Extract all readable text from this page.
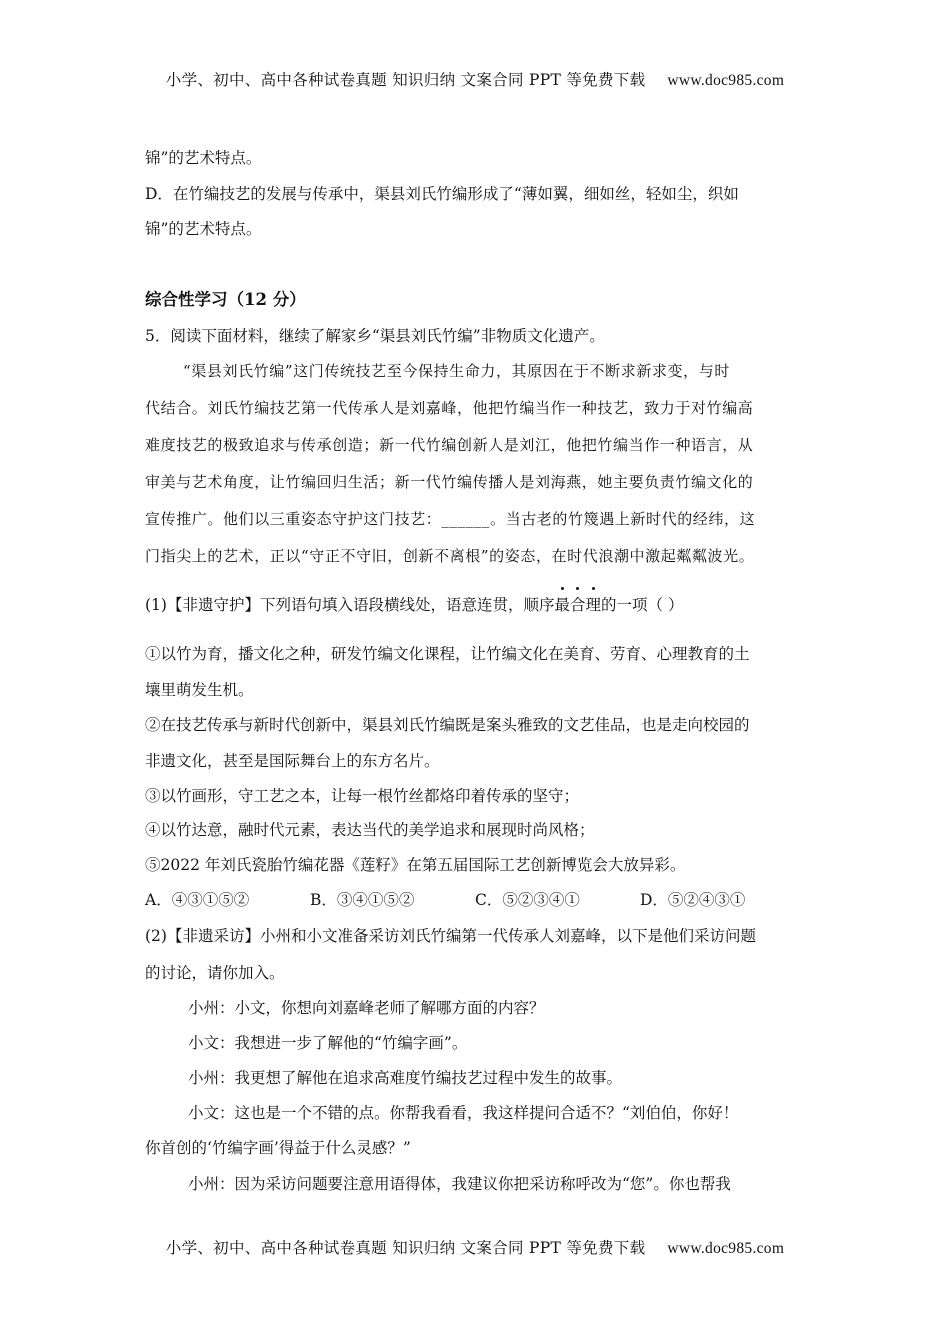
小学、初中、高中各种试卷真题 知识归纳 文案合同 PPT 等免费下载 www.doc985.com
锦”的艺术特点。
D．在竹编技艺的发展与传承中，渠县刘氏竹编形成了“薄如翼，细如丝，轻如尘，织如
锦”的艺术特点。
综合性学习（12 分）
5．阅读下面材料，继续了解家乡“渠县刘氏竹编”非物质文化遗产。
“渠县刘氏竹编”这门传统技艺至今保持生命力，其原因在于不断求新求变，与时
代结合。刘氏竹编技艺第一代传承人是刘嘉峰，他把竹编当作一种技艺，致力于对竹编高
难度技艺的极致追求与传承创造；新一代竹编创新人是刘江，他把竹编当作一种语言，从
审美与艺术角度，让竹编回归生活；新一代竹编传播人是刘海燕，她主要负责竹编文化的
宣传推广。他们以三重姿态守护这门技艺：______。当古老的竹篾遇上新时代的经纬，这
门指尖上的艺术，正以“守正不守旧，创新不离根”的姿态，在时代浪潮中激起粼粼波光。
(1)【非遗守护】下列语句填入语段横线处，语意连贯，顺序最合理的一项（ ）
①以竹为育，播文化之种，研发竹编文化课程，让竹编文化在美育、劳育、心理教育的土
壤里萌发生机。
②在技艺传承与新时代创新中，渠县刘氏竹编既是案头雅致的文艺佳品，也是走向校园的
非遗文化，甚至是国际舞台上的东方名片。
③以竹画形，守工艺之本，让每一根竹丝都烙印着传承的坚守；
④以竹达意，融时代元素，表达当代的美学追求和展现时尚风格；
⑤2022 年刘氏瓷胎竹编花器《莲籽》在第五届国际工艺创新博览会大放异彩。
A．④③①⑤②	B．③④①⑤②	C．⑤②③④①	D．⑤②④③①
(2)【非遗采访】小州和小文准备采访刘氏竹编第一代传承人刘嘉峰，以下是他们采访问题
的讨论，请你加入。
小州：小文，你想向刘嘉峰老师了解哪方面的内容？
小文：我想进一步了解他的“竹编字画”。
小州：我更想了解他在追求高难度竹编技艺过程中发生的故事。
小文：这也是一个不错的点。你帮我看看，我这样提问合适不？“刘伯伯，你好！
你首创的‘竹编字画’得益于什么灵感？”
小州：因为采访问题要注意用语得体，我建议你把采访称呼改为“您”。你也帮我
小学、初中、高中各种试卷真题 知识归纳 文案合同 PPT 等免费下载 www.doc985.com
